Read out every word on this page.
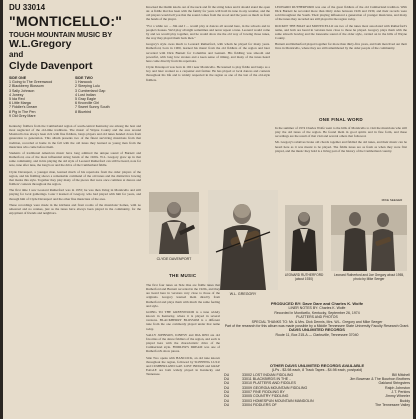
DU 33014
"MONTICELLO:"
TOUGH MOUNTAIN MUSIC BY
W.L.Gregory
and
Clyde Davenport
SIDE ONE
1 Going to The Greenwood
2 Blackberry Blossom
3 Sally Johnson
4 Jonesy
5 Ida Red
6 Little Marga
7 Fiddler's Dream
8 Pig in The Pen
9 Old Grey Mare
SIDE TWO
1 Hancock
2 Sleeping Lulu
3 Cumberland Gap
4 Lost Indian
5 Gray Eagle
6 Knoxville Girl
7 Sweet Sunny South
8 Bluebird

Kentucky fiddlers from the Cumberland region of south-central Kentucky are among the best and most neglected of the old-time traditions. The music of Wayne County and the area around Monticello has always been rich with fine fiddlers, banjo players and old tunes handed down from generation to generation. This album presents two of the finest surviving musicians from that tradition, recorded at home in the fall with the old tunes they learned as young men from the musicians who came before them.

Students of traditional American music have long admired the unique sound of Burnett and Rutherford, one of the most influential string bands of the 1920s. W.L. Gregory grew up in that same community, and in his playing the old style of Leonard Rutherford can still be heard, note for note, tune after tune, the long bow and the drive of the Cumberland fiddle.

Clyde Davenport, a younger man, learned much of his repertoire from the older players of the region, and his fiddling shows a remarkable command of the old tunes and the distinctive bowing that marks this style. Together they play many of the pieces that were once common at dances and fiddlers' contests throughout the region.

The first time I saw Leonard Rutherford was in 1955; he was then living in Monticello and still playing for local gatherings. Later I learned of Gregory, who had played with him for years, and through him of Clyde Davenport and the other fine musicians of the area.

These recordings were made in the kitchens and front rooms of the musicians' homes, with no rehearsal and no retakes, just as the tunes have always been played in the community, for the enjoyment of friends and neighbors.

Knocked the thumb knobs out of the neck and fit the string holes and it should stand the open air. A fiddle that has been with the family for years will hold its tune in any weather, and the old players would tell you that the sound comes from the wood and the years as much as from the hands of the player.

"For a while we ... Jim and I ... would play at dances all around here, in the schools and in people's houses. We'd play all night sometimes and never repeat a tune. Leonard would come by and we would play together, and he would show me the old way of bowing those tunes, the way they played them back then."

Gregory's style owes much to Leonard Rutherford, with whom he played for many years. Rutherford, born in 1900, learned his music from the old fiddlers of the region and later recorded with Dick Burnett for Columbia and Gennett. His fiddling was smooth and powerful, with long bow strokes and a keen sense of timing, and many of the tunes heard here come directly from his repertoire.

Clyde Davenport was born in 1921 near Monticello. He learned to play fiddle and banjo as a boy and later worked as a carpenter and farmer. He has played at local dances and contests throughout his life and is widely respected in the region as one of the last of the old-style fiddlers.

LEONARD RUTHERFORD was one of the great fiddlers of the old Cumberland tradition. With Dick Burnett he recorded more than thirty sides between 1926 and 1930, and their records were sold throughout the South. Their playing influenced a generation of younger musicians, and many of the tunes they recorded are still played in the region today.

ROCKIN' THE BOAT and MONTICELLO are two of the tunes most associated with Rutherford's name, and both are heard in versions here close to those he played. Gregory plays them with the same smooth bowing and the lonesome sound of the older style, carried on in the hills of Wayne County.

Burnett and Rutherford played together for more than thirty-five years, and both men lived out their lives in Monticello, where they are still remembered by the older people of the community.

ONE FINAL WORD

In the summer of 1974 Charles Wolfe went to the hills of Monticello to visit the musicians who still play the old tunes of the region. He found them in good spirits and in fine form, and these recordings are the result of that visit and several others that followed.

Mr. Gregory's relatives broke old chords together and fiddled the old tunes, and their music can be heard here as it was meant to be played. The fiddle tunes are as fresh as when they were first played, and the music they hold is a living part of the history of the Cumberland country.

CLYDE DAVENPORT
W.L. GREGORY
THE MUSIC

The first four tunes on Side One are fiddle tunes that Rutherford and Burnett recorded in the 1920s, and they are heard here in versions very close to those of the originals. Gregory learned them directly from Rutherford and plays them with much the same feeling and style.

GOING TO THE GREENWOOD is a tune widely known in Kentucky, where it is played in several versions. BLACKBERRY BLOSSOM is a different tune from the one commonly played under that name today.

SALLY JOHNSON, JONESY and IDA RED are old favorites of the dance fiddlers of the region, and each is played here with the characteristic drive of the Cumberland style. FIDDLER'S DREAM was one of Rutherford's show pieces.

Side Two opens with HANCOCK, an old tune known throughout the region, followed by SLEEPING LULU and CUMBERLAND GAP. LOST INDIAN and GRAY EAGLE are both widely played in Kentucky and Tennessee.

LEONARD RUTHERFORD (about 1930)
MIKE SEEGER
Leonard Rutherford and Joe Gregory about 1955, photo by Mike Seeger
PRODUCED BY: Dave Dare and Charles K. Wolfe
LINER NOTES BY: Charles K. Wolfe
Recorded in Monticello, Kentucky, September 26, 1974
PLATTERS AND PHOTOS
SPECIAL THANKS TO: Mr. & Mrs. Dick Dennis, Mrs. W.L. Gregory and Mike Seeger
Part of the research for this album was made possible by a Middle Tennessee State University Faculty Research Grant.
DAVIS UNLIMITED RECORDS
Route 11, Box 215-A — Clarksville, Tennessee 37040
OTHER DAVIS UNLIMITED RECORDS AVAILABLE
(LPs - $3.98 each, 8 Track Tapes - $4.98 each, postpaid)
DU	33002 LOST INDIAN FIDDLING	Bill Mitchell
DU	33011 BLACKBIRDS IN THE ..	Jim Bowman & The Bourbon Brothers
DU	33010 PLATTERS AND FIDDLES	Oakland Stringsters
DU	33009 GEORGIA MOUNTAIN FIDDLING	Ralph Johnston
DU	33007 FINE FIDDLING BY	J.T. Perkins
DU	33005 COUNTRY FIDDLING	Jimmy Wheeler
DU	33003 HOMESPUN MOUNTAIN MANDOLIN	Buddy
DU	33004 FIDDLERS OF	The Tennessee Valley
